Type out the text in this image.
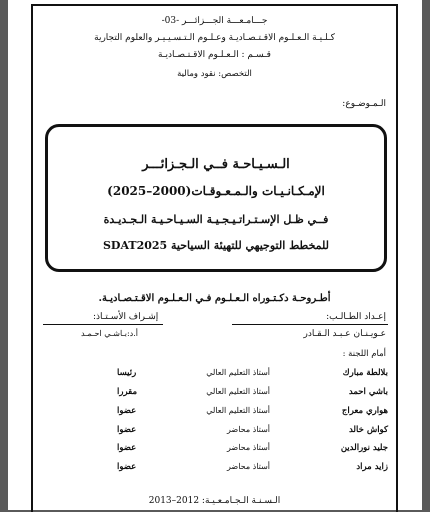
جـــامـعـــة الجـــزائـــر -03-
كـلـيـة الـعـلـوم الاقـتـصـاديـة وعـلـوم الـتـسـيـيـر والعلوم التجارية
قـسـم : الـعـلـوم الاقـتـصـاديـة
التخصص: نقود ومالية
الـمـوضـوع:
الـسـيـاحـة فــي الـجـزائـــر
الإمـكـانـيـات والـمـعـوقـات(2000–2025)
فــي ظـل الإسـتـراتـيـجـيـة السـيـاحـيـة الـجـديـدة
للمخطط التوجيهي للتهيئة السياحية SDAT2025
أطـروحـة دكـتـوراه الـعـلـوم فـي الـعـلـوم الاقـتـصـاديـة.
إعـداد الطـالـب:
إشـراف الأسـتـاذ:
عـويـنـان عـبـد الـقـادر
أ.د:بـاشـي احـمـد
أمام اللجنة :
بلالطة مبارك
أستاذ التعليم العالي
رئيسا
باشي احمد
أستاذ التعليم العالي
مقررا
هواري معراج
أستاذ التعليم العالي
عضوا
كواش خالد
أستاذ محاضر
عضوا
جليد نورالدين
أستاذ محاضر
عضوا
زايد مراد
أستاذ محاضر
عضوا
الـسـنـة الـجـامـعـيـة: 2012–2013
